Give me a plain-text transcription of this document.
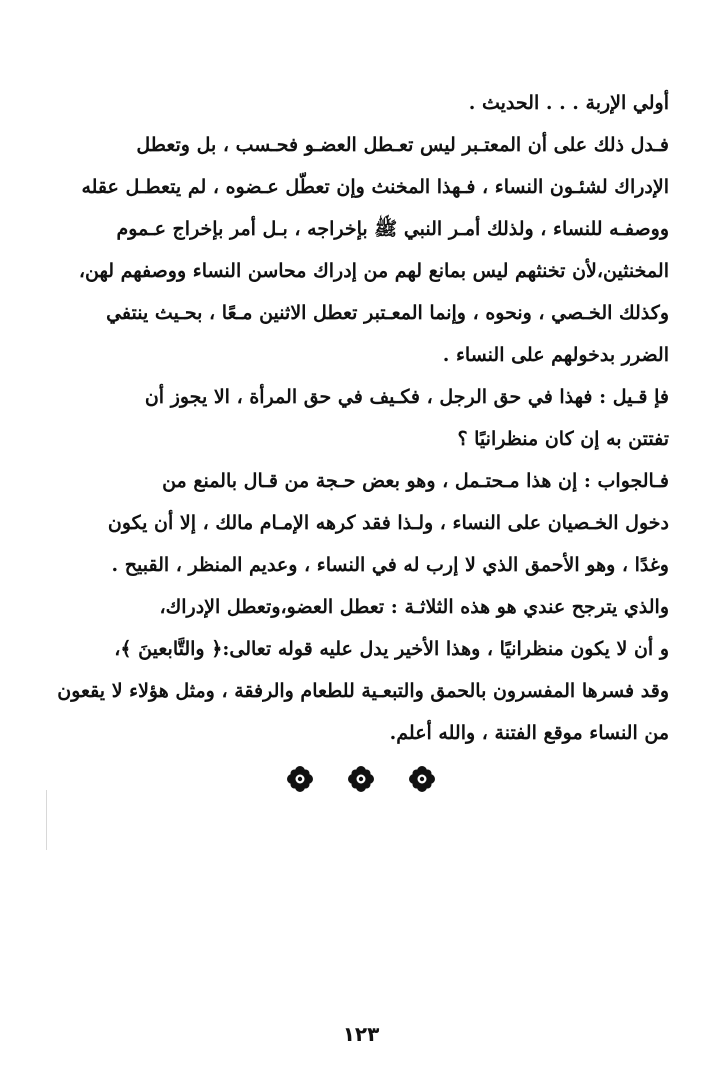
أولي الإربة . . . الحديث .
فـدل ذلك على أن المعتـبر ليس تعـطل العضـو فحـسب ، بل وتعطل
الإدراك لشئـون النساء ، فـهذا المخنث وإن تعطّل عـضوه ، لم يتعطـل عقله
ووصفـه للنساء ، ولذلك أمـر النبي ﷺ بإخراجه ، بـل أمر بإخراج عـموم
المخنثين،لأن تخنثهم ليس بمانع لهم من إدراك محاسن النساء ووصفهم لهن،
وكذلك الخـصي ، ونحوه ، وإنما المعـتبر تعطل الاثنين مـعًا ، بحـيث ينتفي
الضرر بدخولهم على النساء .
فإ قـيل : فهذا في حق الرجل ، فكـيف في حق المرأة ، الا يجوز أن
تفتتن به إن كان منظرانيًا ؟
فـالجواب : إن هذا مـحتـمل ، وهو بعض حـجة من قـال بالمنع من
دخول الخـصيان على النساء ، ولـذا فقد كرهه الإمـام مالك ، إلا أن يكون
وغدًا ، وهو الأحمق الذي لا إرب له في النساء ، وعديم المنظر ، القبيح .
والذي يترجح عندي هو هذه الثلاثـة : تعطل العضو،وتعطل الإدراك،
و أن لا يكون منظرانيًا ، وهذا الأخير يدل عليه قوله تعالى:﴿ والتَّابعينَ ﴾،
وقد فسرها المفسرون بالحمق والتبعـية للطعام والرفقة ، ومثل هؤلاء لا يقعون
من النساء موقع الفتنة ، والله أعلم.

١٢٣
